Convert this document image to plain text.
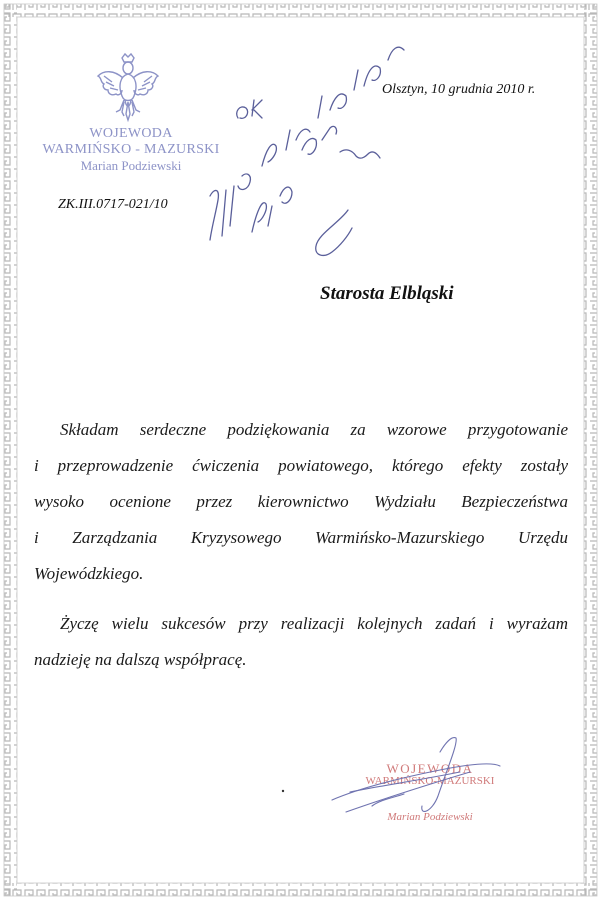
WOJEWODA
WARMIŃSKO - MAZURSKI
Marian Podziewski
Olsztyn, 10 grudnia 2010 r.
ZK.III.0717-021/10
Starosta Elbląski
Składam serdeczne podziękowania za wzorowe przygotowanie
i przeprowadzenie ćwiczenia powiatowego, którego efekty zostały
wysoko ocenione przez kierownictwo Wydziału Bezpieczeństwa
i Zarządzania Kryzysowego Warmińsko-Mazurskiego Urzędu
Wojewódzkiego.
Życzę wielu sukcesów przy realizacji kolejnych zadań i wyrażam
nadzieję na dalszą współpracę.
WOJEWODA
WARMIŃSKO-MAZURSKI
Marian Podziewski
